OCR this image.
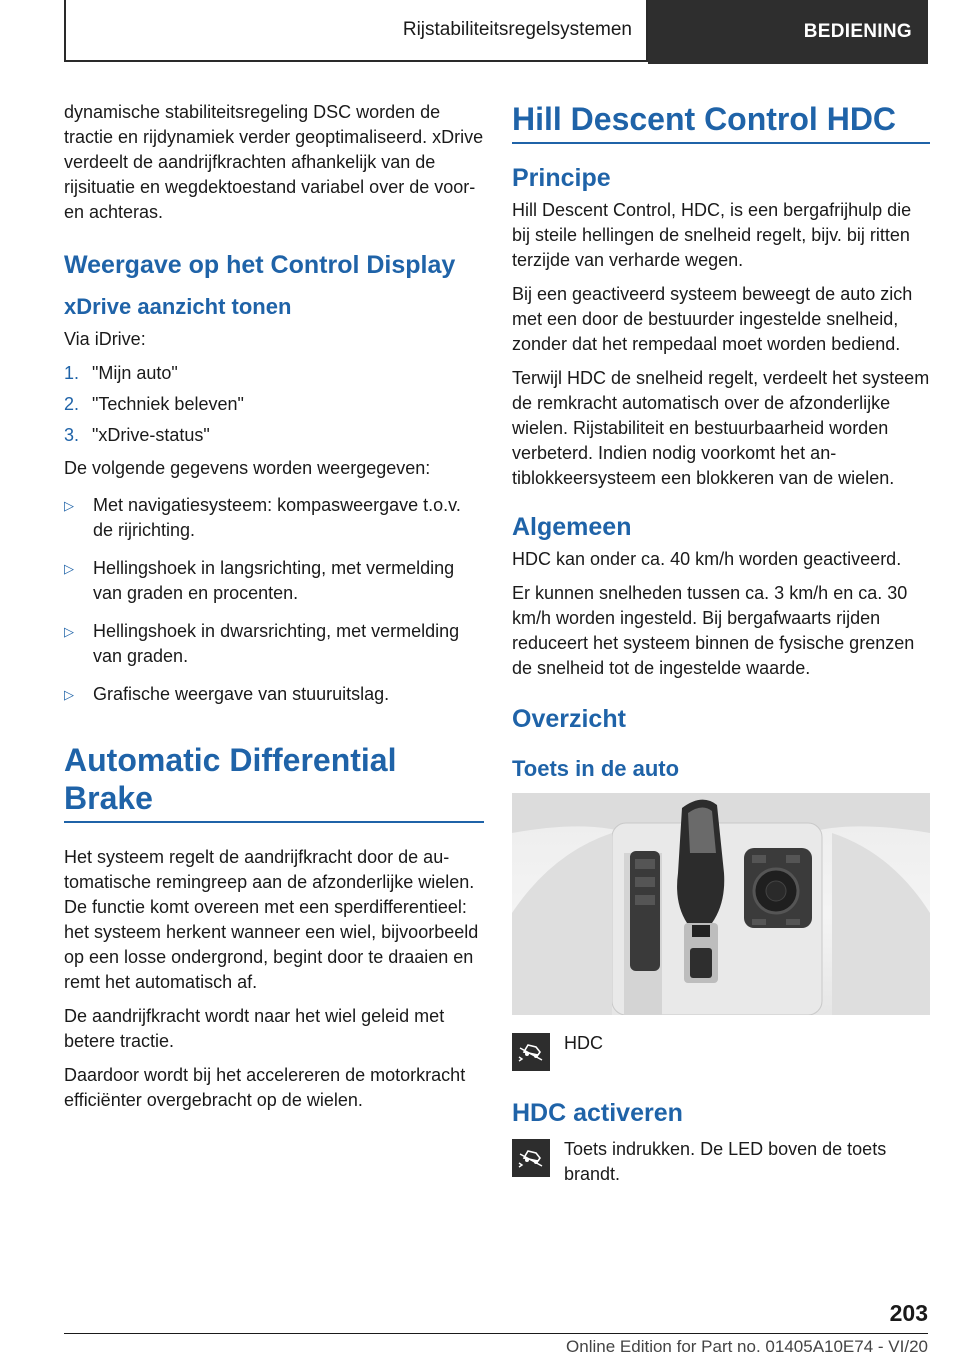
Rijstabiliteitsregelsystemen	BEDIENING

dynamische stabiliteitsregeling DSC worden de tractie en rijdynamiek verder geoptimaliseerd. xDrive verdeelt de aandrijfkrachten afhankelijk van de rijsituatie en wegdektoestand variabel over de voor- en achteras.

Weergave op het Control Display
xDrive aanzicht tonen

Via iDrive:

1. "Mijn auto"
2. "Techniek beleven"
3. "xDrive-status"

De volgende gegevens worden weergegeven:

▷	Met navigatiesysteem: kompasweergave t.o.v. de rijrichting.
▷	Hellingshoek in langsrichting, met vermelding van graden en procenten.
▷	Hellingshoek in dwarsrichting, met vermelding van graden.
▷	Grafische weergave van stuuruitslag.
Automatic Differential Brake

Het systeem regelt de aandrijfkracht door de automatische remingreep aan de afzonderlijke wielen. De functie komt overeen met een sperdifferentieel: het systeem herkent wanneer een wiel, bijvoorbeeld op een losse ondergrond, begint door te draaien en remt het automatisch af.

De aandrijfkracht wordt naar het wiel geleid met betere tractie.

Daardoor wordt bij het accelereren de motorkracht efficiënter overgebracht op de wielen.

Hill Descent Control HDC
Principe

Hill Descent Control, HDC, is een bergafrijhulp die bij steile hellingen de snelheid regelt, bijv. bij ritten terzijde van verharde wegen.

Bij een geactiveerd systeem beweegt de auto zich met een door de bestuurder ingestelde snelheid, zonder dat het rempedaal moet worden bediend.

Terwijl HDC de snelheid regelt, verdeelt het systeem de remkracht automatisch over de afzonderlijke wielen. Rijstabiliteit en bestuurbaarheid worden verbeterd. Indien nodig voorkomt het antiblokkeersysteem een blokkeren van de wielen.

Algemeen

HDC kan onder ca. 40 km/h worden geactiveerd.

Er kunnen snelheden tussen ca. 3 km/h en ca. 30 km/h worden ingesteld. Bij bergafwaarts rijden reduceert het systeem binnen de fysische grenzen de snelheid tot de ingestelde waarde.

Overzicht
Toets in de auto
HDC
HDC activeren
Toets indrukken. De LED boven de toets brandt.
203
Online Edition for Part no. 01405A10E74 - VI/20
